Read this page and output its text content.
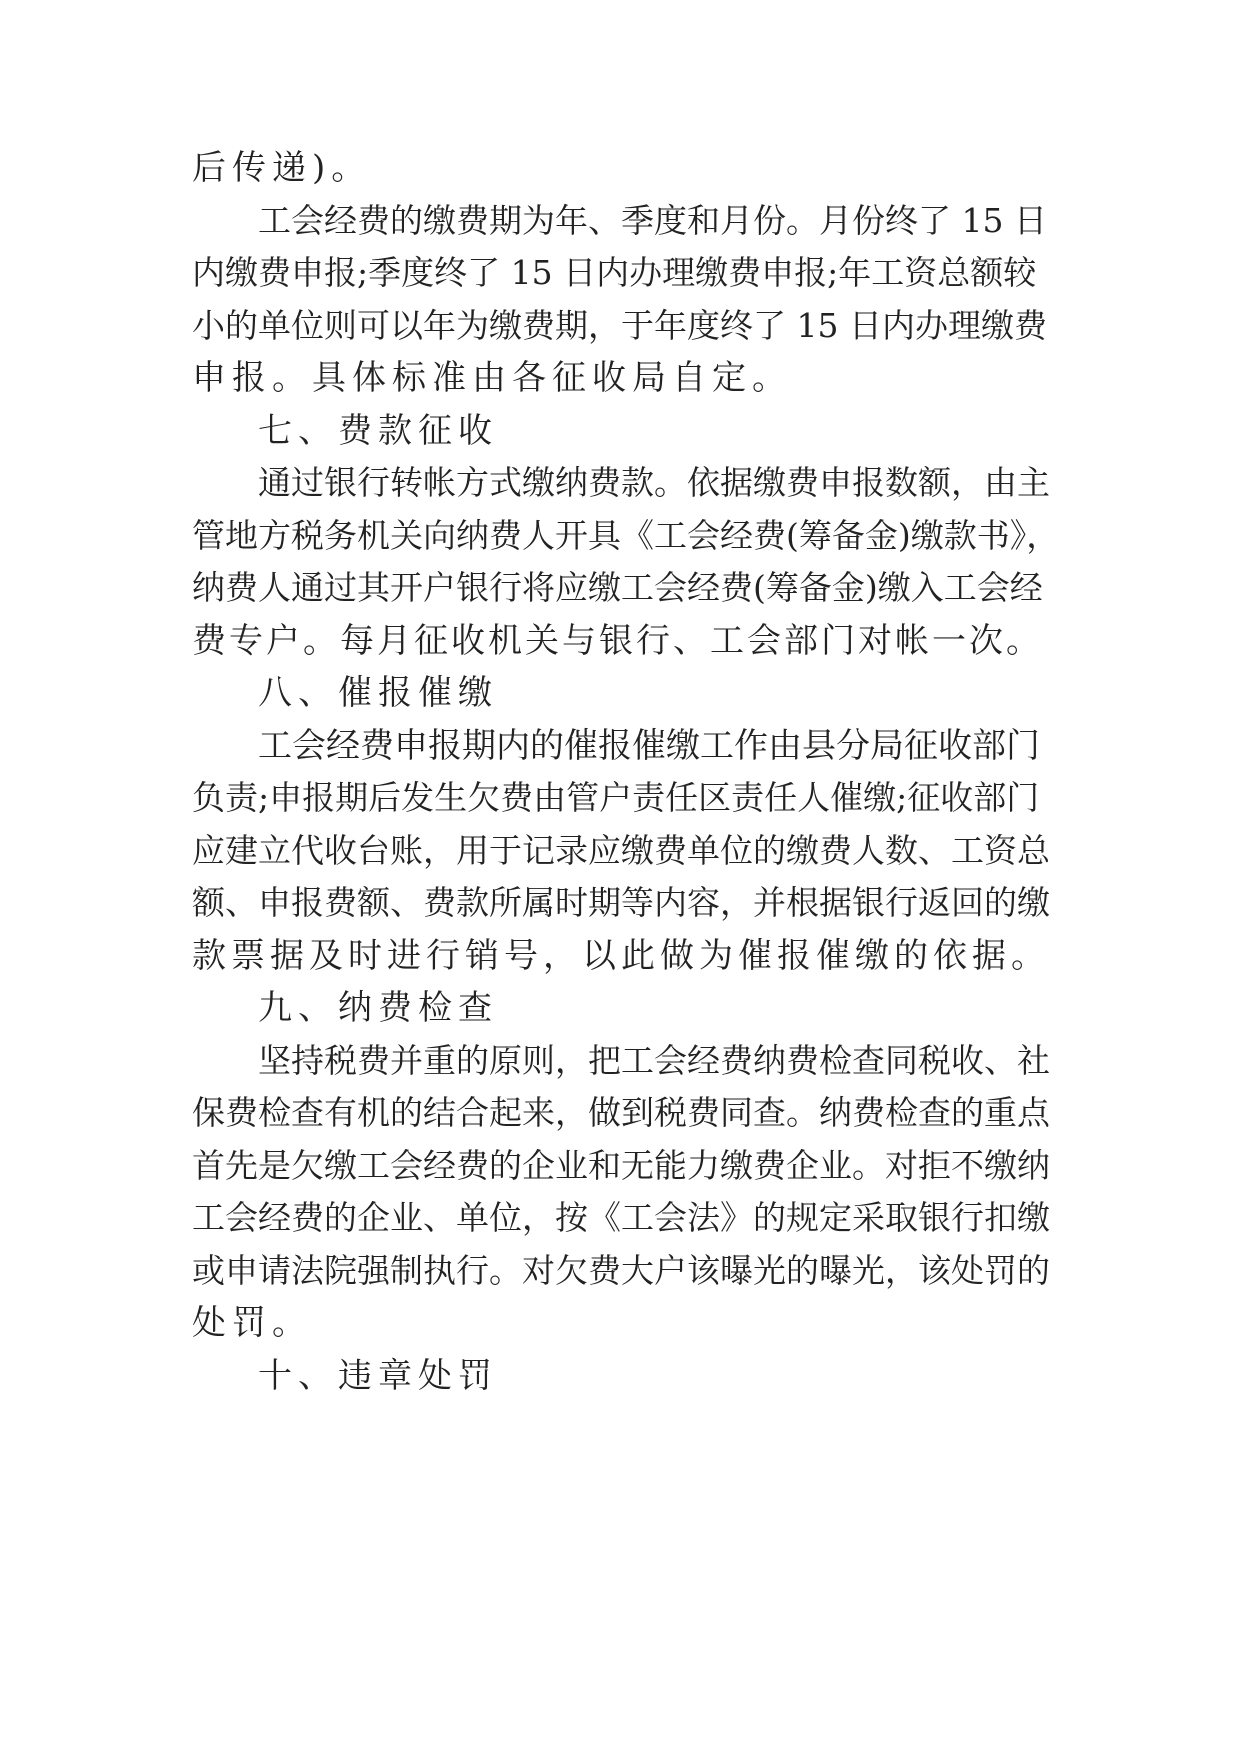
后传递)。
工会经费的缴费期为年、季度和月份。月份终了 15 日
内缴费申报;季度终了 15 日内办理缴费申报;年工资总额较
小的单位则可以年为缴费期，于年度终了 15 日内办理缴费
申报。具体标准由各征收局自定。
七、费款征收
通过银行转帐方式缴纳费款。依据缴费申报数额，由主
管地方税务机关向纳费人开具《工会经费(筹备金)缴款书》，
纳费人通过其开户银行将应缴工会经费(筹备金)缴入工会经
费专户。每月征收机关与银行、工会部门对帐一次。
八、催报催缴
工会经费申报期内的催报催缴工作由县分局征收部门
负责;申报期后发生欠费由管户责任区责任人催缴;征收部门
应建立代收台账，用于记录应缴费单位的缴费人数、工资总
额、申报费额、费款所属时期等内容，并根据银行返回的缴
款票据及时进行销号，以此做为催报催缴的依据。
九、纳费检查
坚持税费并重的原则，把工会经费纳费检查同税收、社
保费检查有机的结合起来，做到税费同查。纳费检查的重点
首先是欠缴工会经费的企业和无能力缴费企业。对拒不缴纳
工会经费的企业、单位，按《工会法》的规定采取银行扣缴
或申请法院强制执行。对欠费大户该曝光的曝光，该处罚的
处罚。
十、违章处罚
